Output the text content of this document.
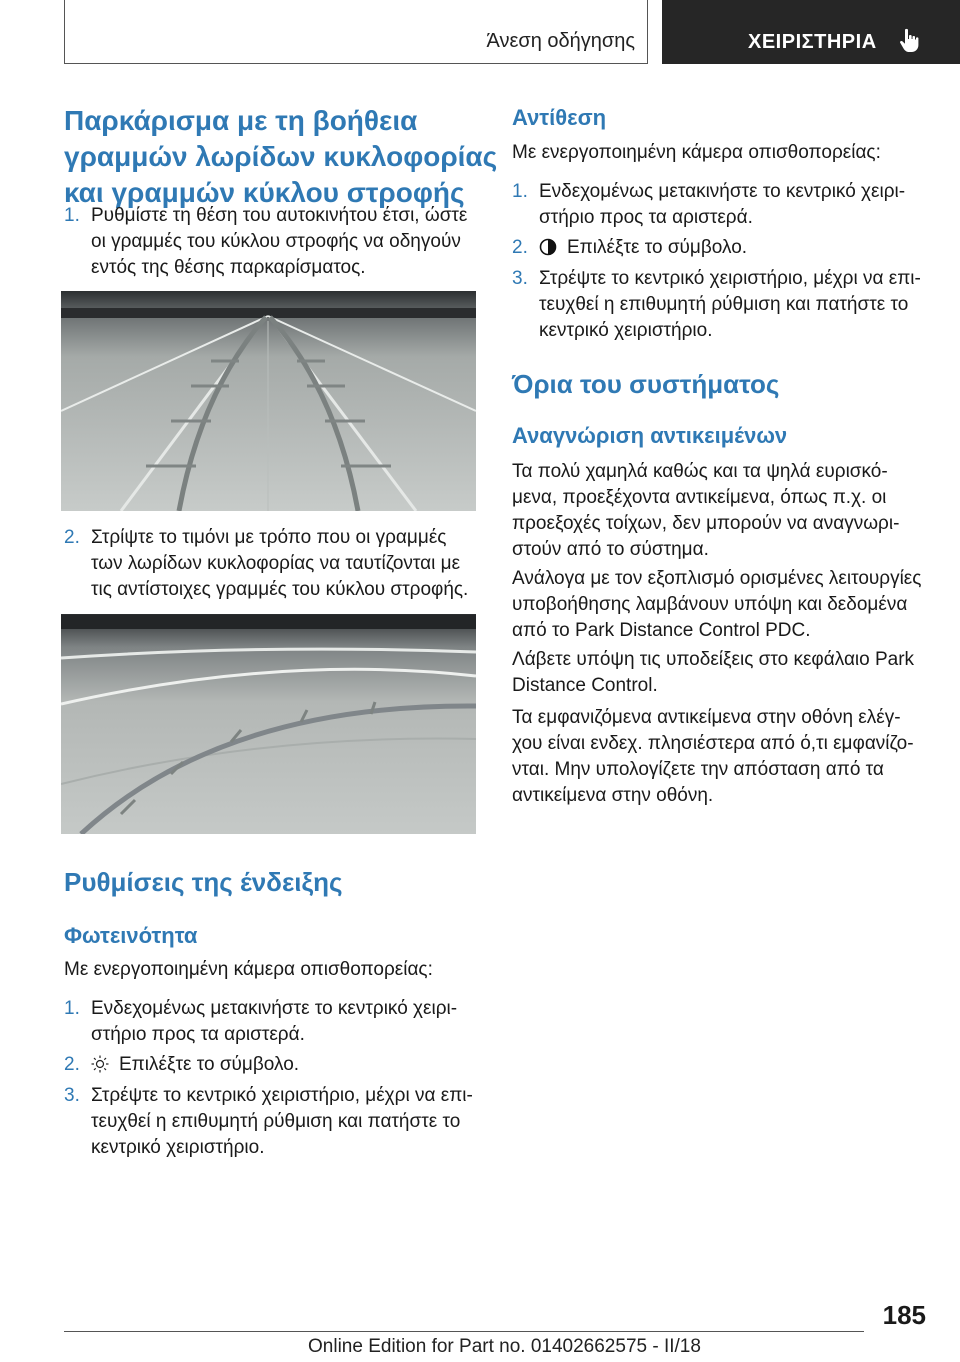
Άνεση οδήγησης	ΧΕΙΡΙΣΤΗΡΙΑ
Παρκάρισμα με τη βοήθεια
γραμμών λωρίδων κυκλοφορίας
και γραμμών κύκλου στροφής
1. Ρυθμίστε τη θέση του αυτοκινήτου έτσι, ώστε
οι γραμμές του κύκλου στροφής να οδηγούν
εντός της θέσης παρκαρίσματος.
2. Στρίψτε το τιμόνι με τρόπο που οι γραμμές
των λωρίδων κυκλοφορίας να ταυτίζονται με
τις αντίστοιχες γραμμές του κύκλου στροφής.
Ρυθμίσεις της ένδειξης
Φωτεινότητα
Με ενεργοποιημένη κάμερα οπισθοπορείας:
1. Ενδεχομένως μετακινήστε το κεντρικό χειρι‐
στήριο προς τα αριστερά.
2.	Επιλέξτε το σύμβολο.
3. Στρέψτε το κεντρικό χειριστήριο, μέχρι να επι‐
τευχθεί η επιθυμητή ρύθμιση και πατήστε το
κεντρικό χειριστήριο.
Αντίθεση
Με ενεργοποιημένη κάμερα οπισθοπορείας:
1. Ενδεχομένως μετακινήστε το κεντρικό χειρι‐
στήριο προς τα αριστερά.
2.	Επιλέξτε το σύμβολο.
3. Στρέψτε το κεντρικό χειριστήριο, μέχρι να επι‐
τευχθεί η επιθυμητή ρύθμιση και πατήστε το
κεντρικό χειριστήριο.
Όρια του συστήματος
Αναγνώριση αντικειμένων
Τα πολύ χαμηλά καθώς και τα ψηλά ευρισκό‐
μενα, προεξέχοντα αντικείμενα, όπως π.χ. οι
προεξοχές τοίχων, δεν μπορούν να αναγνωρι‐
στούν από το σύστημα.
Ανάλογα με τον εξοπλισμό ορισμένες λειτουργίες
υποβοήθησης λαμβάνουν υπόψη και δεδομένα
από το Park Distance Control PDC.
Λάβετε υπόψη τις υποδείξεις στο κεφάλαιο Park
Distance Control.
Τα εμφανιζόμενα αντικείμενα στην οθόνη ελέγ‐
χου είναι ενδεχ. πλησιέστερα από ό,τι εμφανίζο‐
νται. Μην υπολογίζετε την απόσταση από τα
αντικείμενα στην οθόνη.
185
Online Edition for Part no. 01402662575 - II/18
